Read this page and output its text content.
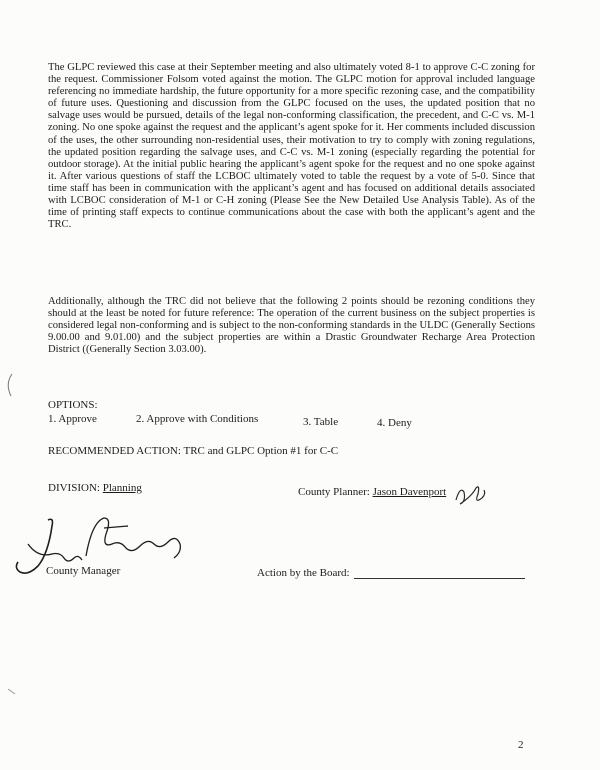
The GLPC reviewed this case at their September meeting and also ultimately voted 8-1 to approve C-C zoning for the request. Commissioner Folsom voted against the motion. The GLPC motion for approval included language referencing no immediate hardship, the future opportunity for a more specific rezoning case, and the compatibility of future uses. Questioning and discussion from the GLPC focused on the uses, the updated position that no salvage uses would be pursued, details of the legal non-conforming classification, the precedent, and C-C vs. M-1 zoning. No one spoke against the request and the applicant’s agent spoke for it. Her comments included discussion of the uses, the other surrounding non-residential uses, their motivation to try to comply with zoning regulations, the updated position regarding the salvage uses, and C-C vs. M-1 zoning (especially regarding the potential for outdoor storage). At the initial public hearing the applicant’s agent spoke for the request and no one spoke against it. After various questions of staff the LCBOC ultimately voted to table the request by a vote of 5-0. Since that time staff has been in communication with the applicant’s agent and has focused on additional details associated with LCBOC consideration of M-1 or C-H zoning (Please See the New Detailed Use Analysis Table). As of the time of printing staff expects to continue communications about the case with both the applicant’s agent and the TRC.

Additionally, although the TRC did not believe that the following 2 points should be rezoning conditions they should at the least be noted for future reference: The operation of the current business on the subject properties is considered legal non-conforming and is subject to the non-conforming standards in the ULDC (Generally Sections 9.00.00 and 9.01.00) and the subject properties are within a Drastic Groundwater Recharge Area Protection District ((Generally Section 3.03.00).

OPTIONS:
1. Approve	2. Approve with Conditions	3. Table	4. Deny
RECOMMENDED ACTION: TRC and GLPC Option #1 for C-C
DIVISION: Planning	County Planner: Jason Davenport
County Manager	Action by the Board:
2
